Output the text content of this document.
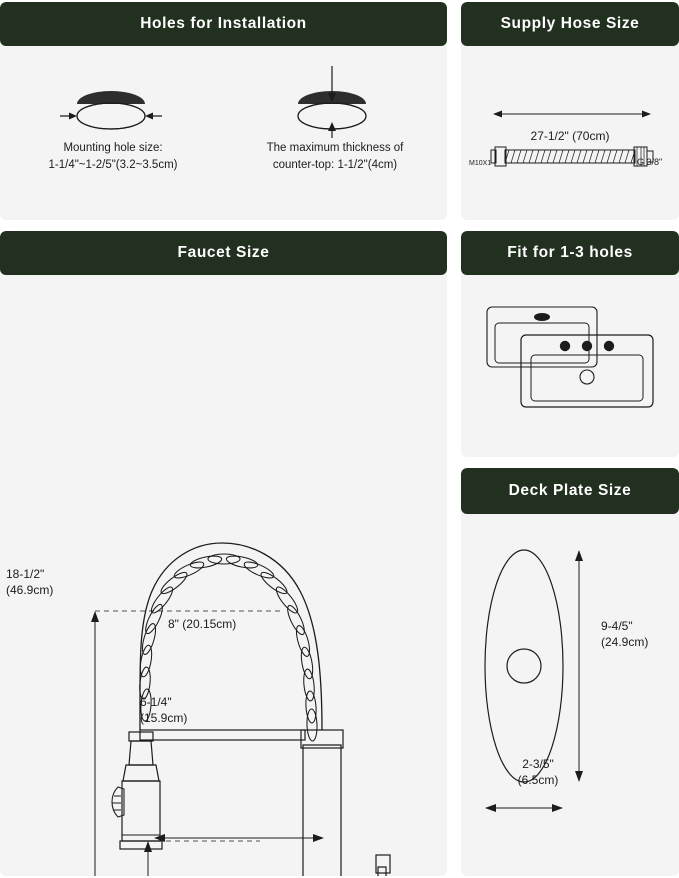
Holes for Installation
Mounting hole size:
1-1/4"~1-2/5"(3.2~3.5cm)
The maximum thickness of
counter-top: 1-1/2"(4cm)
Supply Hose Size
27-1/2" (70cm)
M10X1	G 3/8"
Faucet Size
18-1/2"
(46.9cm)
8" (20.15cm)
6-1/4"
(15.9cm)
Fit for 1-3 holes
Deck Plate Size
9-4/5"
(24.9cm)
2-3/5"
(6.5cm)
